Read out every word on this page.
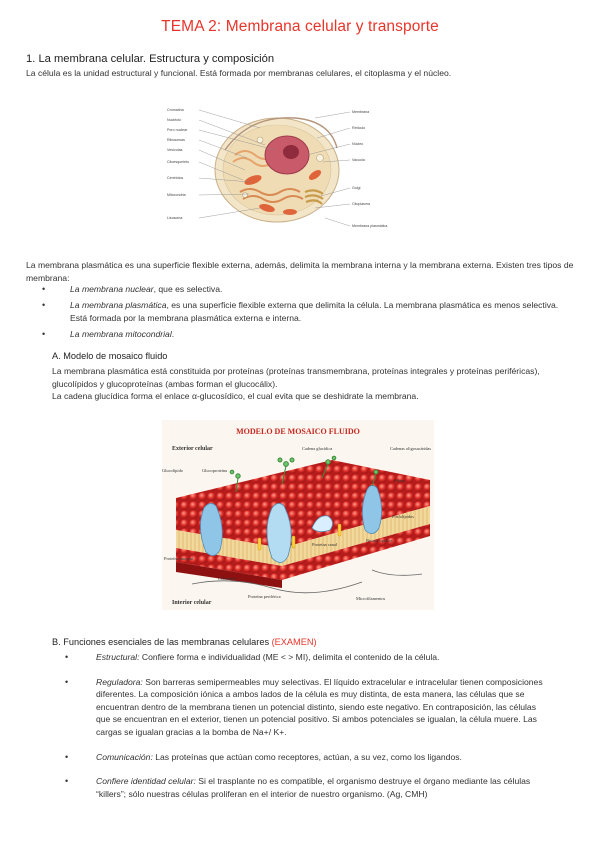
TEMA 2: Membrana celular y transporte
1. La membrana celular. Estructura y composición
La célula es la unidad estructural y funcional. Está formada por membranas celulares, el citoplasma y el núcleo.
Cromatina
Nucléolo
Poro nuclear
Ribosomas
Vesículas
Citoesqueleto
Centriolos
Mitocondria
Lisosoma
Membrana
Retículo
Núcleo
Vacuola
Golgi
Citoplasma
Membrana plasmática
La membrana plasmática es una superficie flexible externa, además, delimita la membrana interna y la membrana externa. Existen tres tipos de membrana:
•	La membrana nuclear, que es selectiva.
•	La membrana plasmática, es una superficie flexible externa que delimita la célula. La membrana plasmática es menos selectiva. Está formada por la membrana plasmática externa e interna.
•	La membrana mitocondrial.
A. Modelo de mosaico fluido
La membrana plasmática está constituida por proteínas (proteínas transmembrana, proteínas integrales y proteínas periféricas), glucolípidos y glucoproteínas (ambas forman el glucocálix).
La cadena glucídica forma el enlace α-glucosídico, el cual evita que se deshidrate la membrana.
MODELO DE MOSAICO FLUIDO
Exterior celular
Glucolípido	Glucoproteína
Cadena glucídica	Cadenas oligosacáridas
Fibras
Fosfolípidos
Bicapa lipídica
Proteína integral
Colesterol
Proteína periférica	Microfilamentos
Proteína canal
Interior celular
B. Funciones esenciales de las membranas celulares (EXAMEN)
•	Estructural: Confiere forma e individualidad (ME < > MI), delimita el contenido de la célula.
•	Reguladora: Son barreras semipermeables muy selectivas. El líquido extracelular e intracelular tienen composiciones diferentes. La composición iónica a ambos lados de la célula es muy distinta, de esta manera, las células que se encuentran dentro de la membrana tienen un potencial distinto, siendo este negativo. En contraposición, las células que se encuentran en el exterior, tienen un potencial positivo. Si ambos potenciales se igualan, la célula muere. Las cargas se igualan gracias a la bomba de Na+/ K+.
•	Comunicación: Las proteínas que actúan como receptores, actúan, a su vez, como los ligandos.
•	Confiere identidad celular: Si el trasplante no es compatible, el organismo destruye el órgano mediante las células “killers”; sólo nuestras células proliferan en el interior de nuestro organismo. (Ag, CMH)
